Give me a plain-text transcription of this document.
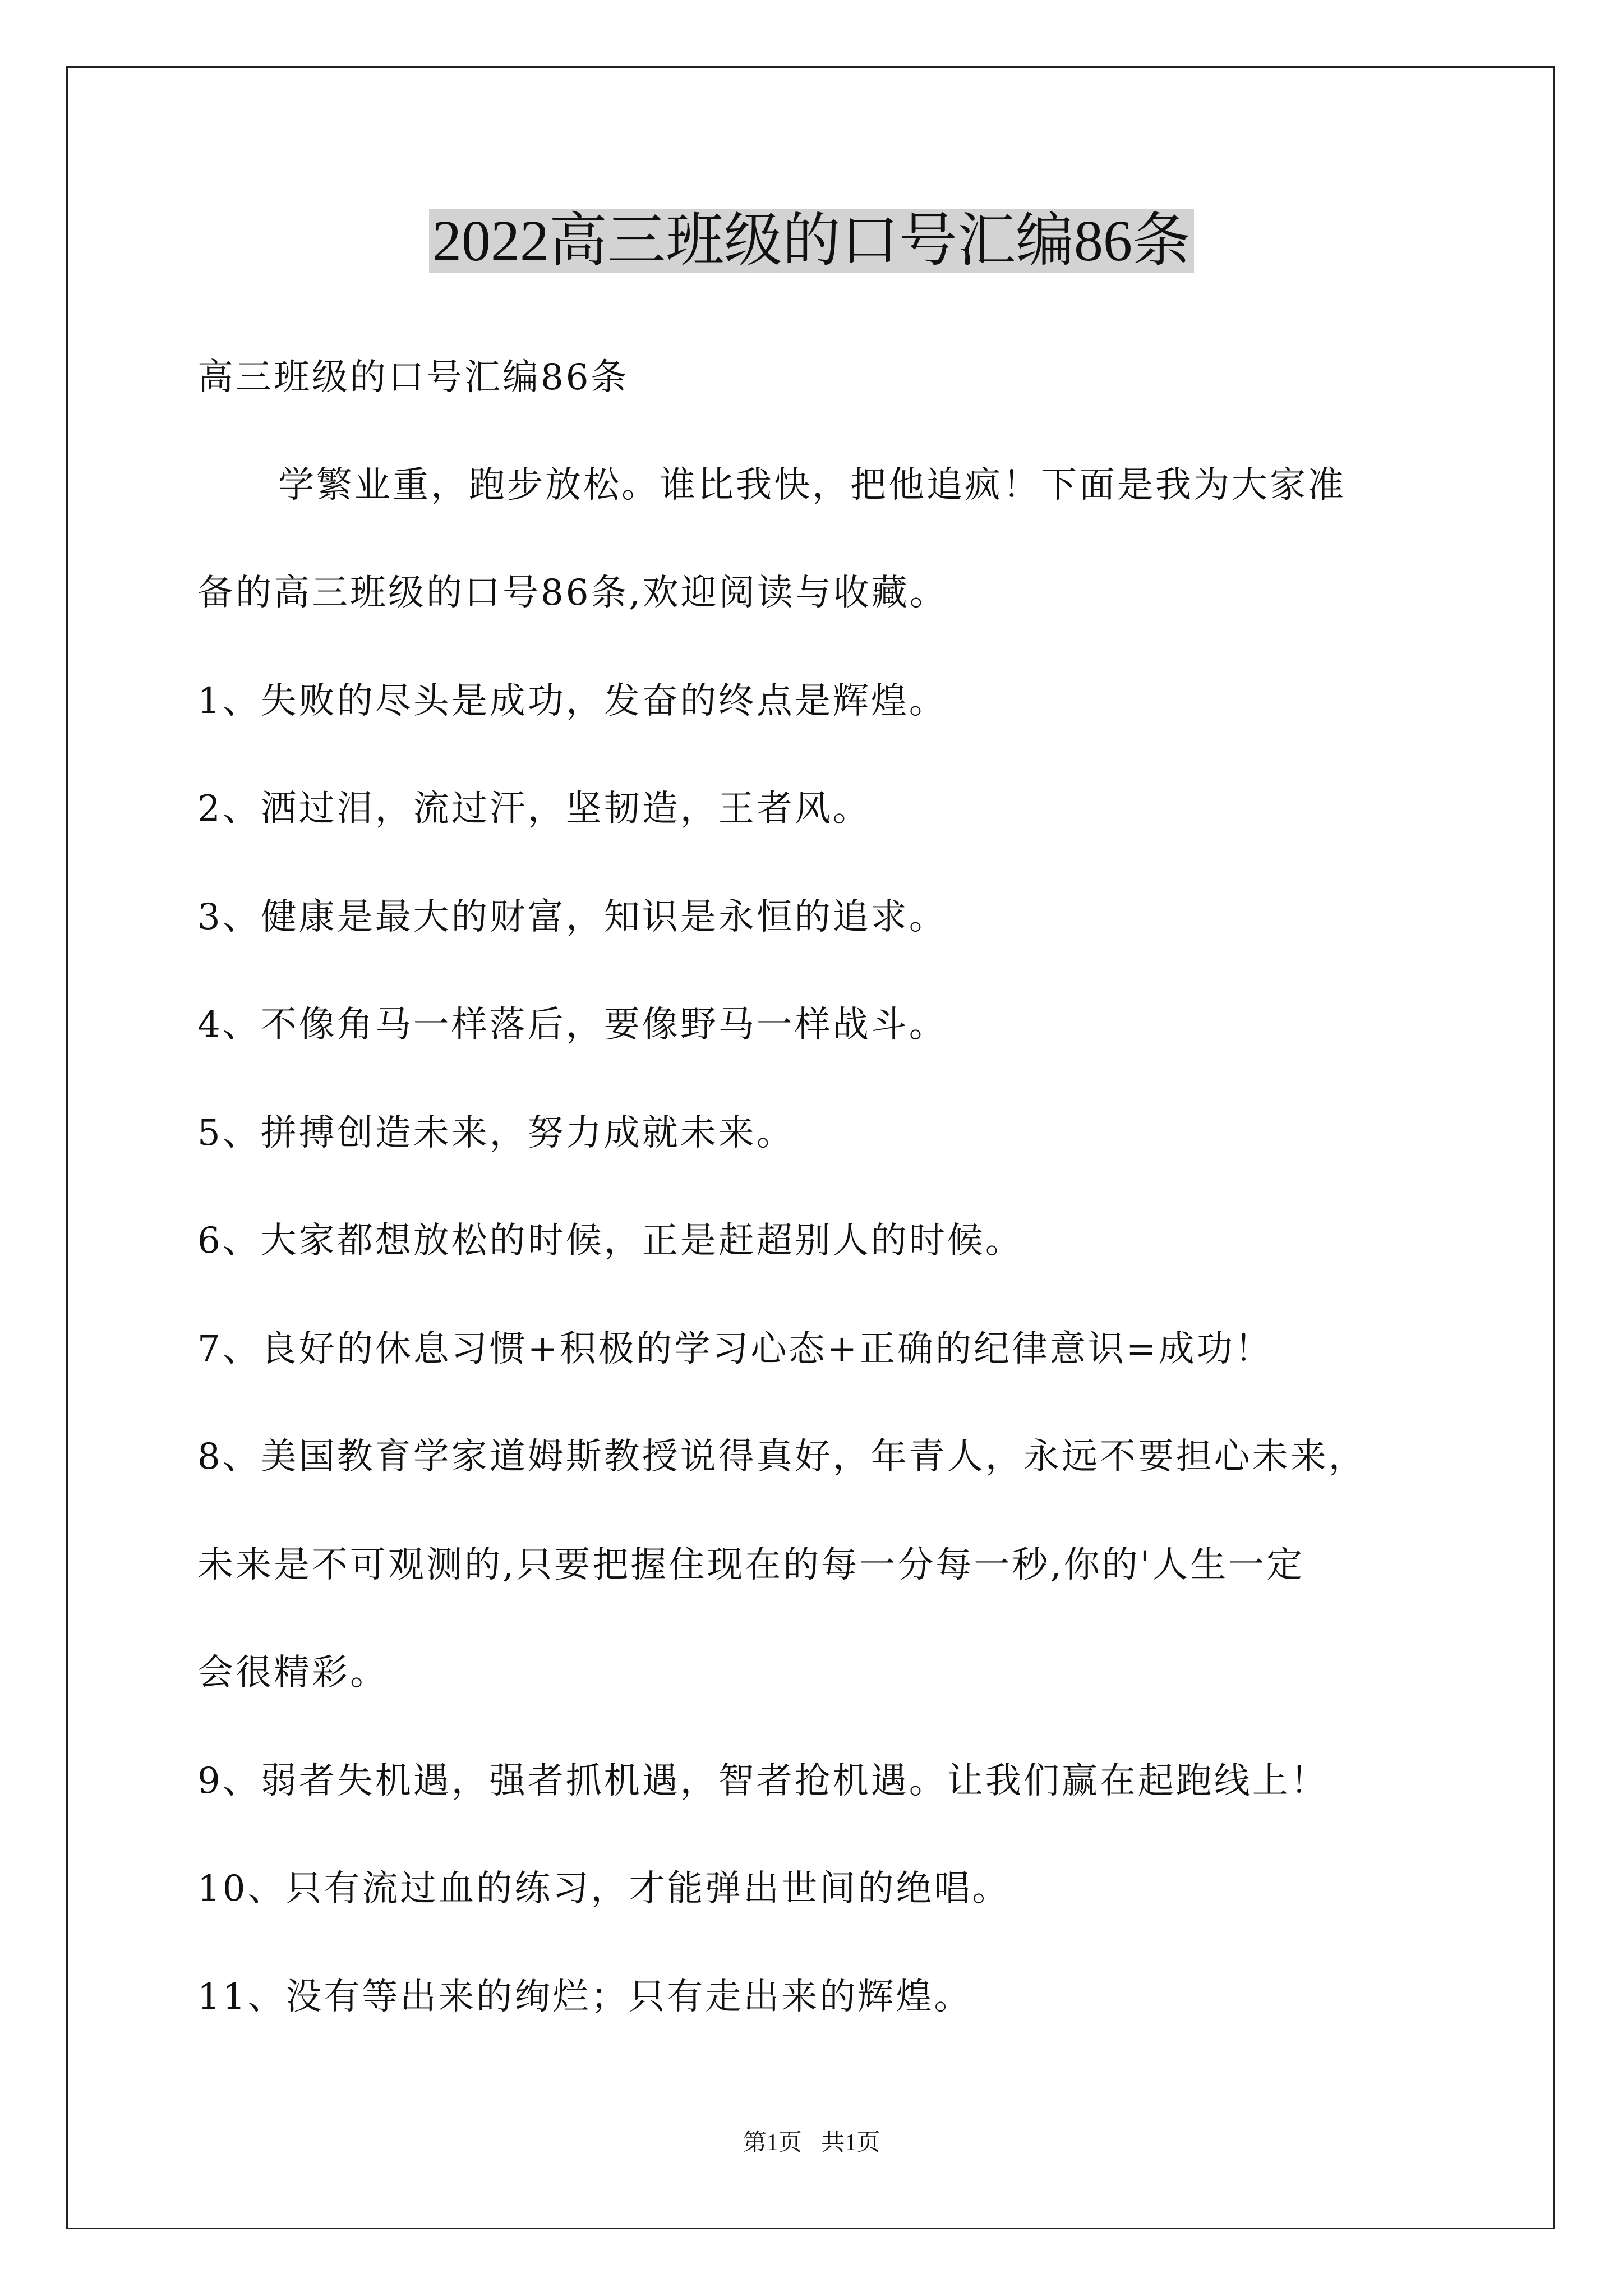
2022高三班级的口号汇编86条
高三班级的口号汇编86条
学繁业重，跑步放松。谁比我快，把他追疯！下面是我为大家准
备的高三班级的口号86条,欢迎阅读与收藏。
1、失败的尽头是成功，发奋的终点是辉煌。
2、洒过泪，流过汗，坚韧造，王者风。
3、健康是最大的财富，知识是永恒的追求。
4、不像角马一样落后，要像野马一样战斗。
5、拼搏创造未来，努力成就未来。
6、大家都想放松的时候，正是赶超别人的时候。
7、良好的休息习惯+积极的学习心态+正确的纪律意识=成功！
8、美国教育学家道姆斯教授说得真好，年青人，永远不要担心未来，
未来是不可观测的,只要把握住现在的每一分每一秒,你的'人生一定
会很精彩。
9、弱者失机遇，强者抓机遇，智者抢机遇。让我们赢在起跑线上！
10、只有流过血的练习，才能弹出世间的绝唱。
11、没有等出来的绚烂；只有走出来的辉煌。
第1页 共1页
